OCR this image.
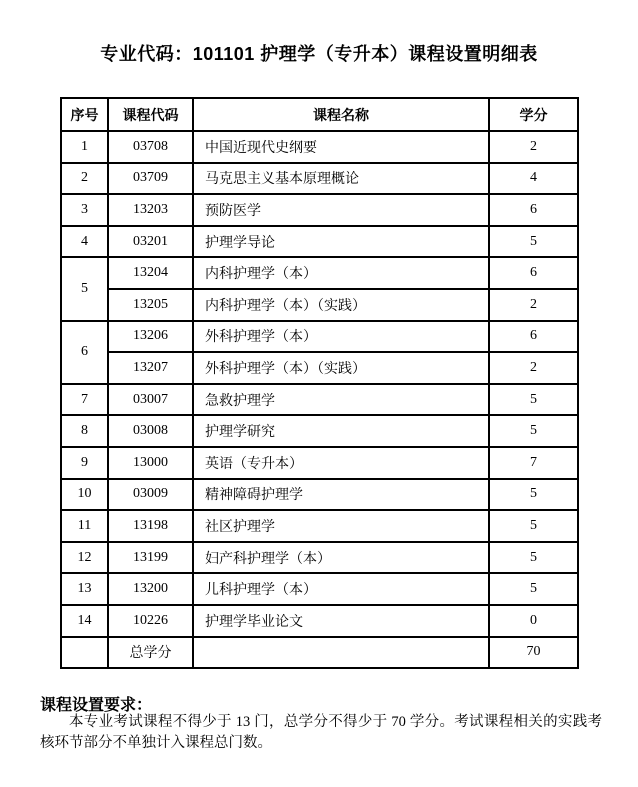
专业代码：101101 护理学（专升本）课程设置明细表
序号	课程代码	课程名称	学分
1	03708	中国近现代史纲要	2
2	03709	马克思主义基本原理概论	4
3	13203	预防医学	6
4	03201	护理学导论	5
5	13204	内科护理学（本）	6
	13205	内科护理学（本）（实践）	2
6	13206	外科护理学（本）	6
	13207	外科护理学（本）（实践）	2
7	03007	急救护理学	5
8	03008	护理学研究	5
9	13000	英语（专升本）	7
10	03009	精神障碍护理学	5
11	13198	社区护理学	5
12	13199	妇产科护理学（本）	5
13	13200	儿科护理学（本）	5
14	10226	护理学毕业论文	0
	总学分		70
课程设置要求：
本专业考试课程不得少于 13 门，总学分不得少于 70 学分。考试课程相关的实践考核环节部分不单独计入课程总门数。
